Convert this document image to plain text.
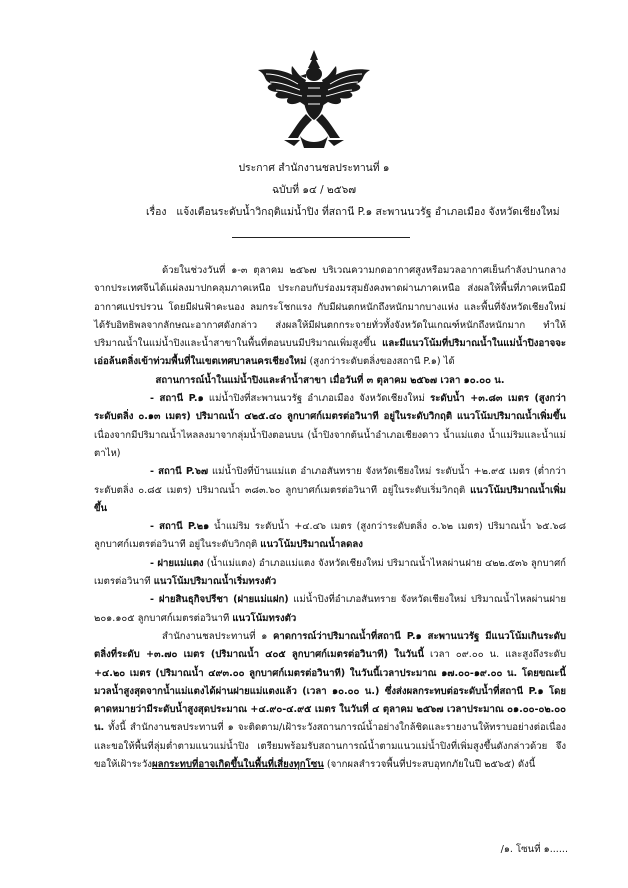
ประกาศ สำนักงานชลประทานที่ ๑
ฉบับที่ ๑๔ / ๒๕๖๗
เรื่อง แจ้งเตือนระดับน้ำวิกฤติแม่น้ำปิง ที่สถานี P.๑ สะพานนวรัฐ อำเภอเมือง จังหวัดเชียงใหม่

ด้วยในช่วงวันที่ ๑-๓ ตุลาคม ๒๕๖๗ บริเวณความกดอากาศสูงหรือมวลอากาศเย็นกำลังปานกลาง จากประเทศจีนได้แผ่ลงมาปกคลุมภาคเหนือ ประกอบกับร่องมรสุมยังคงพาดผ่านภาคเหนือ ส่งผลให้พื้นที่ภาคเหนือมีอากาศแปรปรวน โดยมีฝนฟ้าคะนอง ลมกระโชกแรง กับมีฝนตกหนักถึงหนักมากบางแห่ง และพื้นที่จังหวัดเชียงใหม่ ได้รับอิทธิพลจากลักษณะอากาศดังกล่าว ส่งผลให้มีฝนตกกระจายทั่วทั้งจังหวัดในเกณฑ์หนักถึงหนักมาก ทำให้ปริมาณน้ำในแม่น้ำปิงและน้ำสาขาในพื้นที่ตอนบนมีปริมาณเพิ่มสูงขึ้น และมีแนวโน้มที่ปริมาณน้ำในแม่น้ำปิงอาจจะเอ่อล้นตลิ่งเข้าท่วมพื้นที่ในเขตเทศบาลนครเชียงใหม่ (สูงกว่าระดับตลิ่งของสถานี P.๑) ได้

สถานการณ์น้ำในแม่น้ำปิงและลำน้ำสาขา เมื่อวันที่ ๓ ตุลาคม ๒๕๖๗ เวลา ๑๐.๐๐ น.

- สถานี P.๑ แม่น้ำปิงที่สะพานนวรัฐ อำเภอเมือง จังหวัดเชียงใหม่ ระดับน้ำ +๓.๘๓ เมตร (สูงกว่าระดับตลิ่ง ๐.๑๓ เมตร) ปริมาณน้ำ ๔๒๕.๔๐ ลูกบาศก์เมตรต่อวินาที อยู่ในระดับวิกฤติ แนวโน้มปริมาณน้ำเพิ่มขึ้น เนื่องจากมีปริมาณน้ำไหลลงมาจากลุ่มน้ำปิงตอนบน (น้ำปิงจากต้นน้ำอำเภอเชียงดาว น้ำแม่แตง น้ำแม่ริมและน้ำแม่ตาไห)

- สถานี P.๖๗ แม่น้ำปิงที่บ้านแม่แต อำเภอสันทราย จังหวัดเชียงใหม่ ระดับน้ำ +๒.๙๕ เมตร (ต่ำกว่าระดับตลิ่ง ๐.๘๕ เมตร) ปริมาณน้ำ ๓๘๓.๖๐ ลูกบาศก์เมตรต่อวินาที อยู่ในระดับเริ่มวิกฤติ แนวโน้มปริมาณน้ำเพิ่มขึ้น

- สถานี P.๒๑ น้ำแม่ริม ระดับน้ำ +๔.๔๖ เมตร (สูงกว่าระดับตลิ่ง ๐.๖๒ เมตร) ปริมาณน้ำ ๖๕.๖๘ ลูกบาศก์เมตรต่อวินาที อยู่ในระดับวิกฤติ แนวโน้มปริมาณน้ำลดลง

- ฝายแม่แตง (น้ำแม่แตง) อำเภอแม่แตง จังหวัดเชียงใหม่ ปริมาณน้ำไหลผ่านฝาย ๔๒๒.๕๓๖ ลูกบาศก์เมตรต่อวินาที แนวโน้มปริมาณน้ำเริ่มทรงตัว

- ฝายสินธุกิจปรีชา (ฝายแม่แฝก) แม่น้ำปิงที่อำเภอสันทราย จังหวัดเชียงใหม่ ปริมาณน้ำไหลผ่านฝาย ๒๐๑.๑๐๕ ลูกบาศก์เมตรต่อวินาที แนวโน้มทรงตัว

สำนักงานชลประทานที่ ๑ คาดการณ์ว่าปริมาณน้ำที่สถานี P.๑ สะพานนวรัฐ มีแนวโน้มเกินระดับตลิ่งที่ระดับ +๓.๗๐ เมตร (ปริมาณน้ำ ๔๐๕ ลูกบาศก์เมตรต่อวินาที) ในวันนี้ เวลา ๐๙.๐๐ น. และสูงถึงระดับ +๔.๒๐ เมตร (ปริมาณน้ำ ๔๙๓.๐๐ ลูกบาศก์เมตรต่อวินาที) ในวันนี้เวลาประมาณ ๑๗.๐๐-๑๙.๐๐ น. โดยขณะนี้มวลน้ำสูงสุดจากน้ำแม่แตงได้ผ่านฝายแม่แตงแล้ว (เวลา ๑๐.๐๐ น.) ซึ่งส่งผลกระทบต่อระดับน้ำที่สถานี P.๑ โดยคาดหมายว่ามีระดับน้ำสูงสุดประมาณ +๔.๙๐-๔.๙๕ เมตร ในวันที่ ๔ ตุลาคม ๒๕๖๗ เวลาประมาณ ๐๑.๐๐-๐๒.๐๐ น. ทั้งนี้ สำนักงานชลประทานที่ ๑ จะติดตาม/เฝ้าระวังสถานการณ์น้ำอย่างใกล้ชิดและรายงานให้ทราบอย่างต่อเนื่อง และขอให้พื้นที่ลุ่มต่ำตามแนวแม่น้ำปิง เตรียมพร้อมรับสถานการณ์น้ำตามแนวแม่น้ำปิงที่เพิ่มสูงขึ้นดังกล่าวด้วย จึงขอให้เฝ้าระวังผลกระทบที่อาจเกิดขึ้นในพื้นที่เสี่ยงทุกโซน (จากผลสำรวจพื้นที่ประสบอุทกภัยในปี ๒๕๖๕) ดังนี้

/๑. โซนที่ ๑......
